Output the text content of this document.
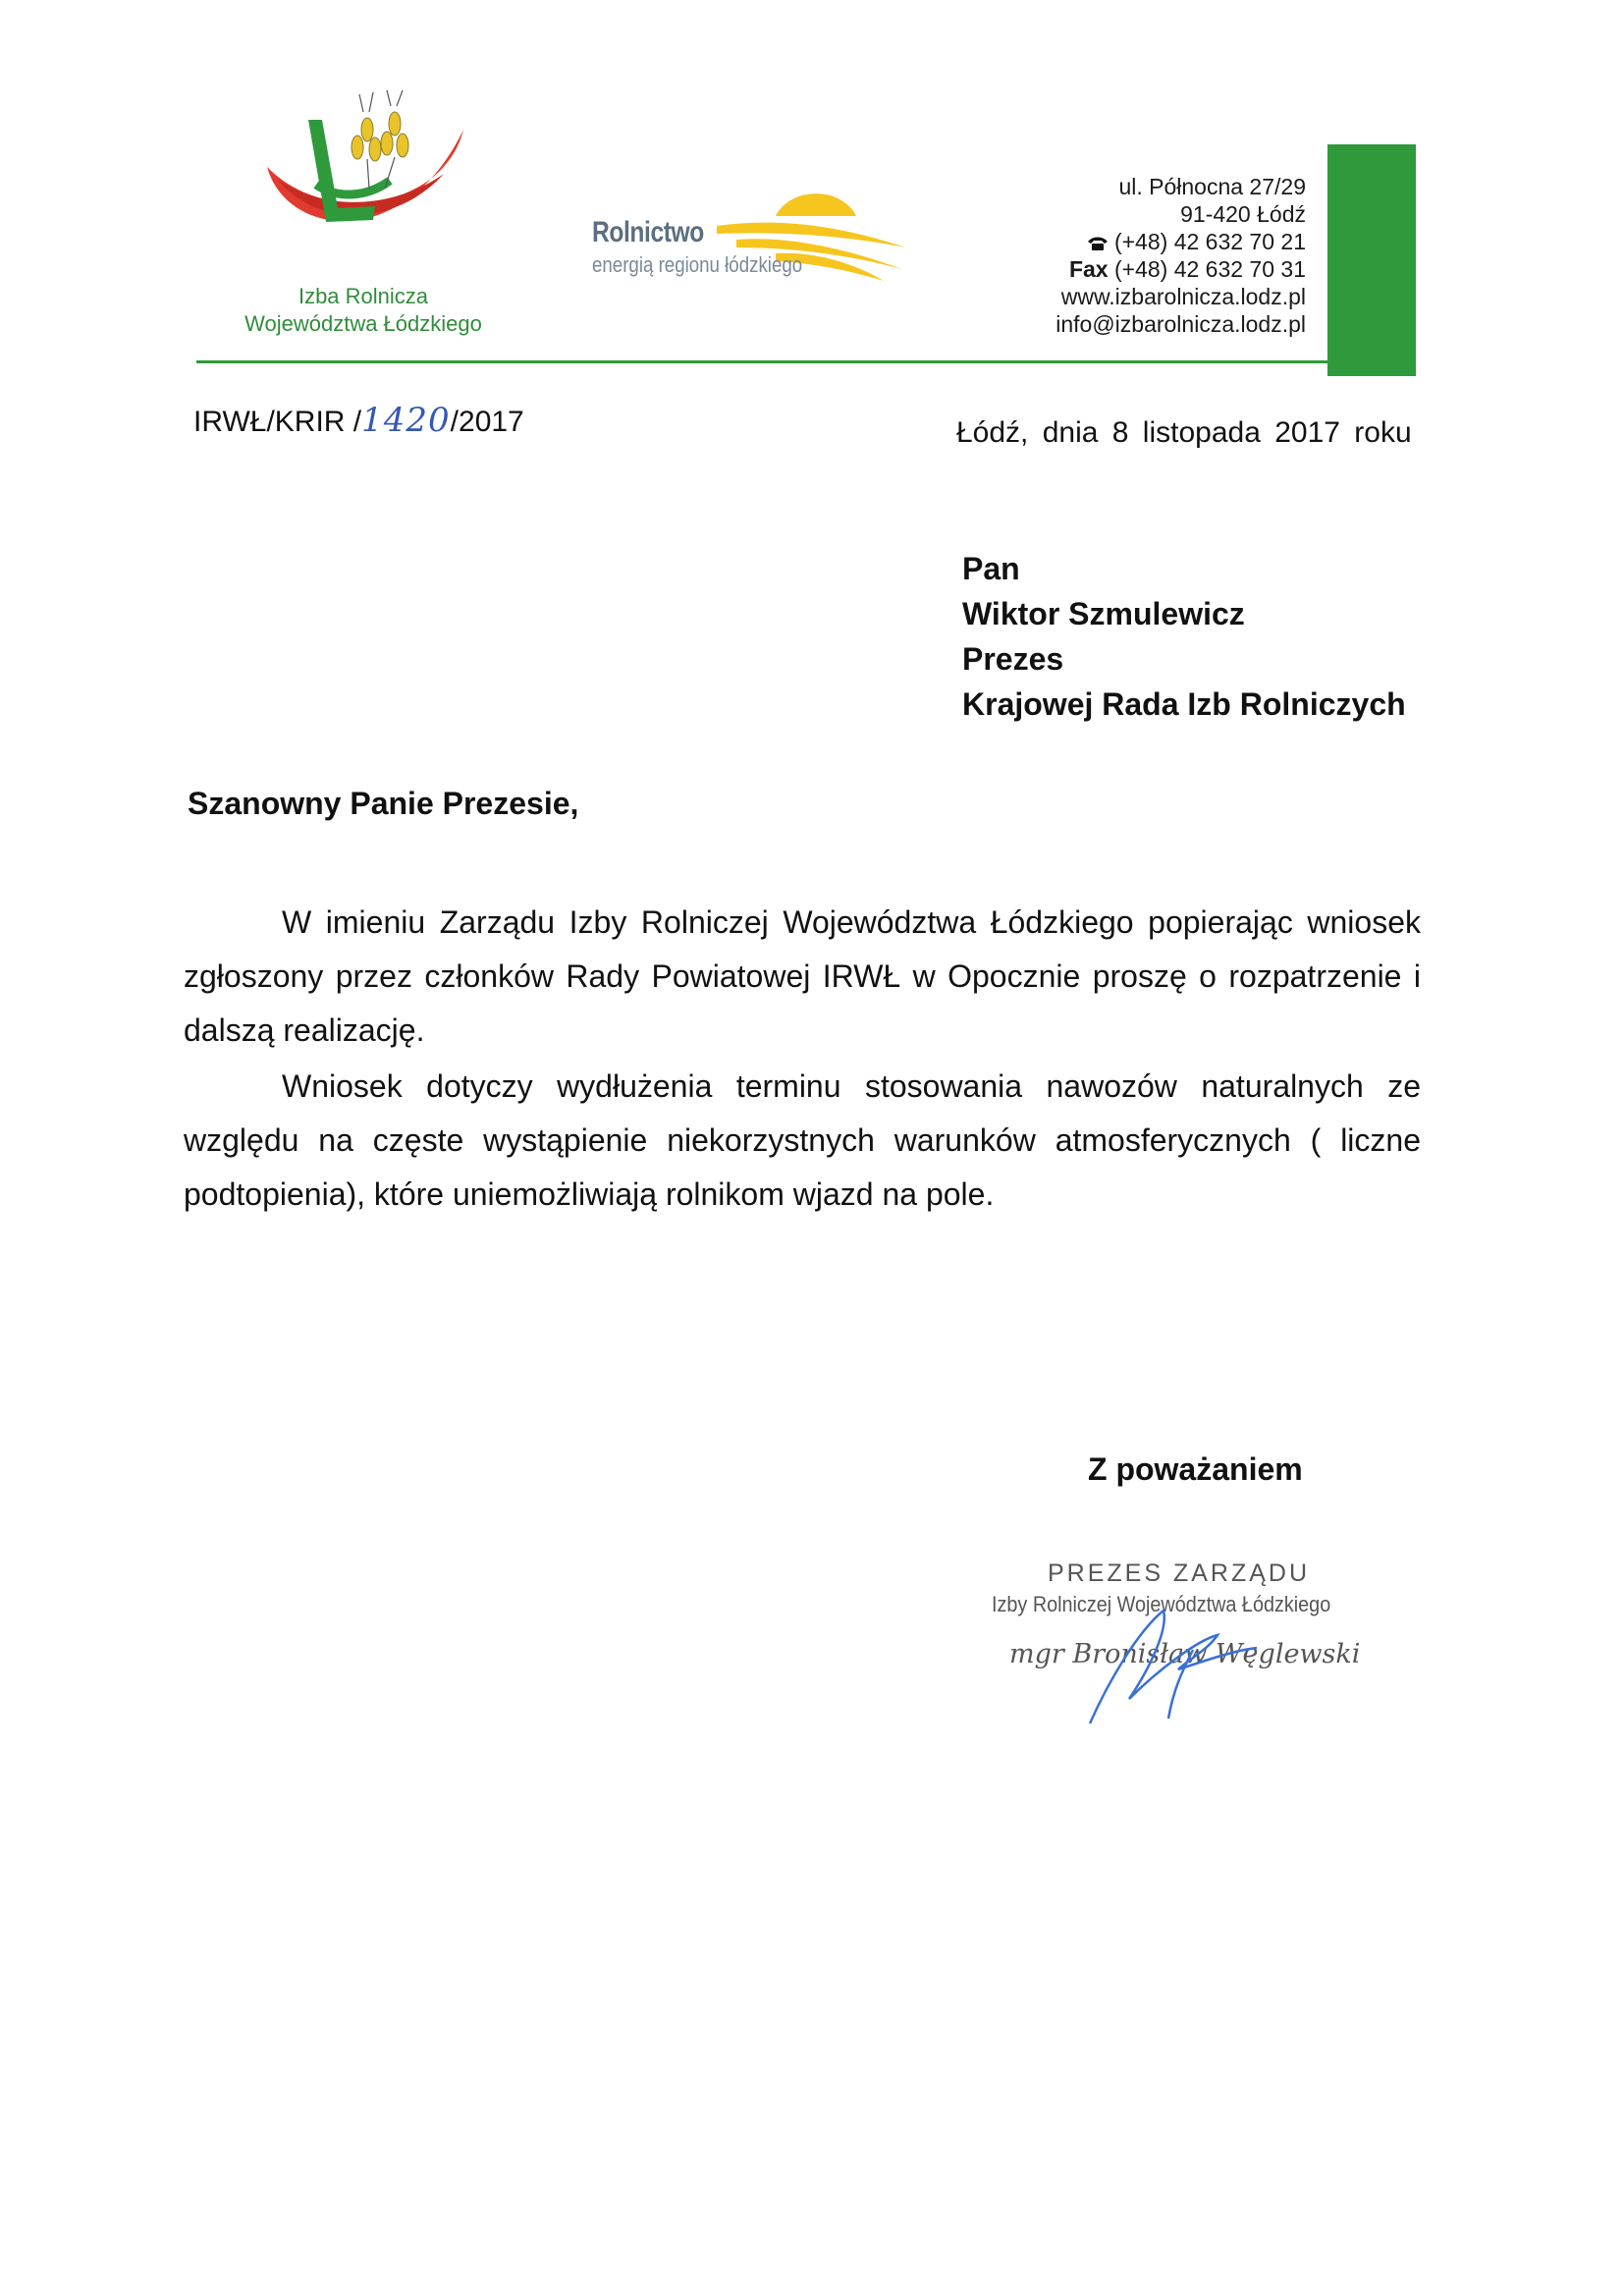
Izba Rolnicza
Województwa Łódzkiego
Rolnictwo
energią regionu łódzkiego
ul. Północna 27/29
91-420 Łódź
(+48) 42 632 70 21
Fax (+48) 42 632 70 31
www.izbarolnicza.lodz.pl
info@izbarolnicza.lodz.pl
IRWŁ/KRIR /1420/2017	Łódź, dnia 8 listopada 2017 roku
Pan
Wiktor Szmulewicz
Prezes
Krajowej Rada Izb Rolniczych
Szanowny Panie Prezesie,

W imieniu Zarządu Izby Rolniczej Województwa Łódzkiego popierając wniosek zgłoszony przez członków Rady Powiatowej IRWŁ w Opocznie proszę o rozpatrzenie i dalszą realizację.

Wniosek dotyczy wydłużenia terminu stosowania nawozów naturalnych ze względu na częste wystąpienie niekorzystnych warunków atmosferycznych ( liczne podtopienia), które uniemożliwiają rolnikom wjazd na pole.

Z poważaniem
PREZES ZARZĄDU
Izby Rolniczej Województwa Łódzkiego
mgr Bronisław Węglewski
